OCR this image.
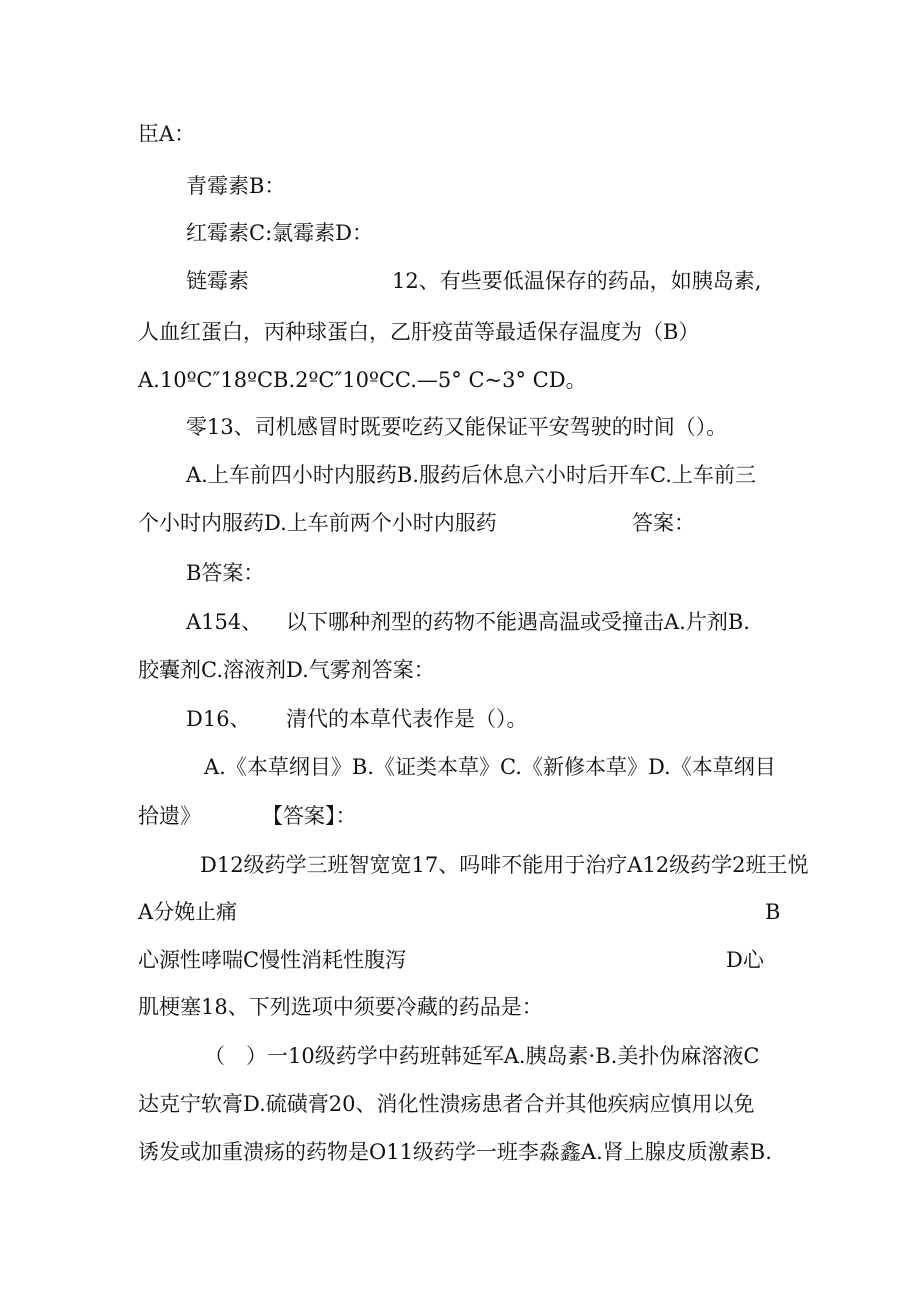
臣A：
青霉素B：
红霉素C:氯霉素D：
链霉素	12、有些要低温保存的药品，如胰岛素,
人血红蛋白，丙种球蛋白，乙肝疫苗等最适保存温度为（B）
A.10ºC″18ºCB.2ºC″10ºCC.—5° C~3° CD。
零13、司机感冒时既要吃药又能保证平安驾驶的时间（）。
A.上车前四小时内服药B.服药后休息六小时后开车C.上车前三
个小时内服药D.上车前两个小时内服药	答案：
B答案：
A154、 以下哪种剂型的药物不能遇高温或受撞击A.片剂B.
胶囊剂C.溶液剂D.气雾剂答案：
D16、 清代的本草代表作是（）。
A.《本草纲目》B.《证类本草》C.《新修本草》D.《本草纲目
拾遗》	【答案】：
D12级药学三班智宽宽17、吗啡不能用于治疗A12级药学2班王悦
A分娩止痛	B
心源性哮喘C慢性消耗性腹泻	D心
肌梗塞18、下列选项中须要冷藏的药品是：
（　）一10级药学中药班韩延军A.胰岛素·B.美扑伪麻溶液C
达克宁软膏D.硫磺膏20、消化性溃疡患者合并其他疾病应慎用以免
诱发或加重溃疡的药物是O11级药学一班李淼鑫A.肾上腺皮质激素B.
